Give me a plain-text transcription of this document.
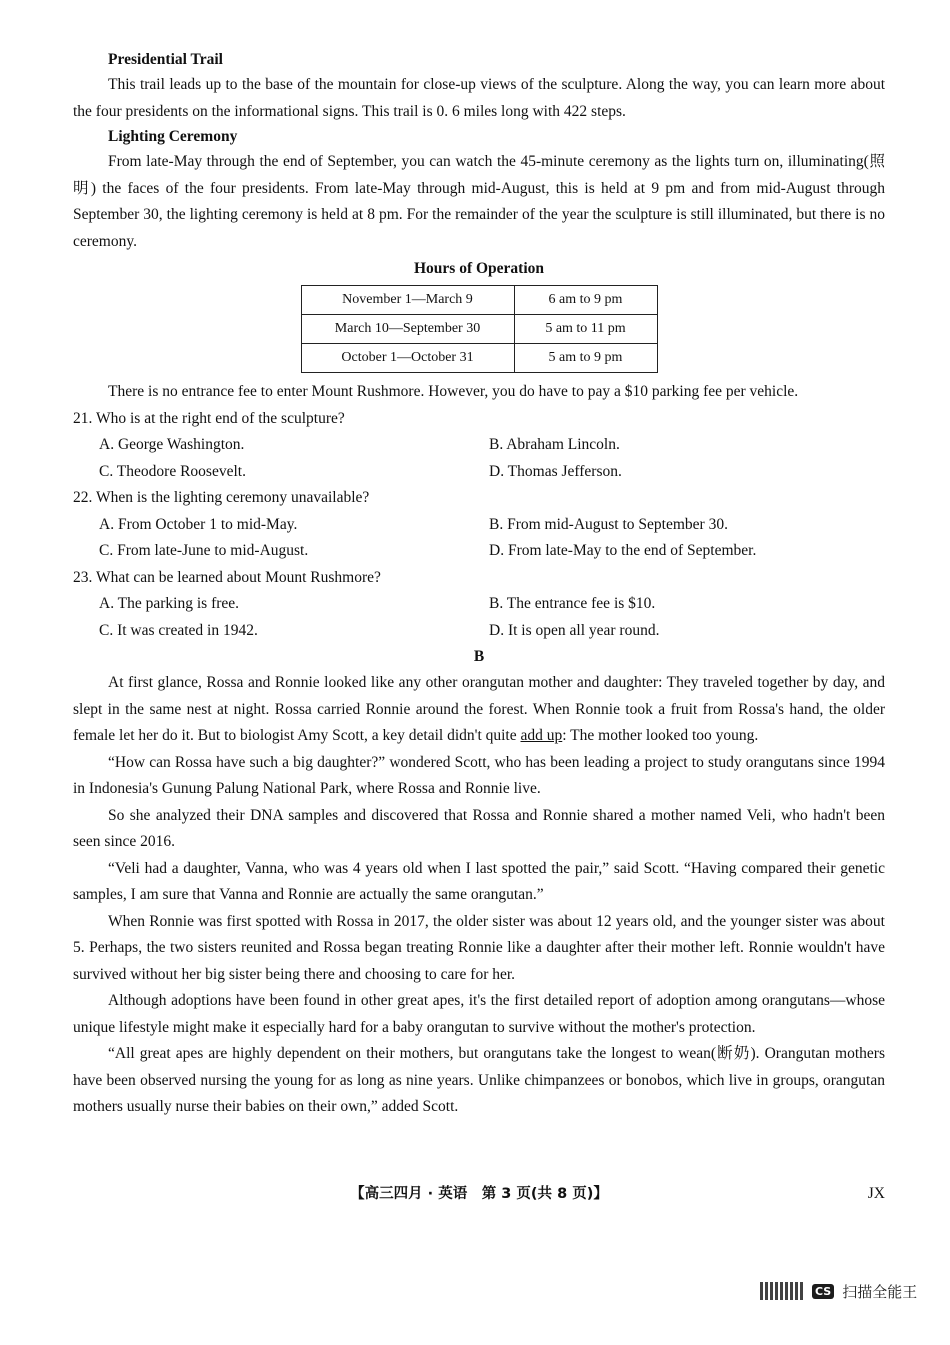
Presidential Trail

This trail leads up to the base of the mountain for close-up views of the sculpture. Along the way, you can learn more about the four presidents on the informational signs. This trail is 0. 6 miles long with 422 steps.

Lighting Ceremony

From late-May through the end of September, you can watch the 45-minute ceremony as the lights turn on, illuminating(照明) the faces of the four presidents. From late-May through mid-August, this is held at 9 pm and from mid-August through September 30, the lighting ceremony is held at 8 pm. For the remainder of the year the sculpture is still illuminated, but there is no ceremony.

Hours of Operation
November 1—March 9	6 am to 9 pm
March 10—September 30	5 am to 11 pm
October 1—October 31	5 am to 9 pm

There is no entrance fee to enter Mount Rushmore. However, you do have to pay a $10 parking fee per vehicle.

21. Who is at the right end of the sculpture?

A. George Washington.	B. Abraham Lincoln.
C. Theodore Roosevelt.	D. Thomas Jefferson.

22. When is the lighting ceremony unavailable?

A. From October 1 to mid-May.	B. From mid-August to September 30.
C. From late-June to mid-August.	D. From late-May to the end of September.

23. What can be learned about Mount Rushmore?

A. The parking is free.	B. The entrance fee is $10.
C. It was created in 1942.	D. It is open all year round.
B

At first glance, Rossa and Ronnie looked like any other orangutan mother and daughter: They traveled together by day, and slept in the same nest at night. Rossa carried Ronnie around the forest. When Ronnie took a fruit from Rossa's hand, the older female let her do it. But to biologist Amy Scott, a key detail didn't quite add up: The mother looked too young.

“How can Rossa have such a big daughter?” wondered Scott, who has been leading a project to study orangutans since 1994 in Indonesia's Gunung Palung National Park, where Rossa and Ronnie live.

So she analyzed their DNA samples and discovered that Rossa and Ronnie shared a mother named Veli, who hadn't been seen since 2016.

“Veli had a daughter, Vanna, who was 4 years old when I last spotted the pair,” said Scott. “Having compared their genetic samples, I am sure that Vanna and Ronnie are actually the same orangutan.”

When Ronnie was first spotted with Rossa in 2017, the older sister was about 12 years old, and the younger sister was about 5. Perhaps, the two sisters reunited and Rossa began treating Ronnie like a daughter after their mother left. Ronnie wouldn't have survived without her big sister being there and choosing to care for her.

Although adoptions have been found in other great apes, it's the first detailed report of adoption among orangutans—whose unique lifestyle might make it especially hard for a baby orangutan to survive without the mother's protection.

“All great apes are highly dependent on their mothers, but orangutans take the longest to wean(断奶). Orangutan mothers have been observed nursing the young for as long as nine years. Unlike chimpanzees or bonobos, which live in groups, orangutan mothers usually nurse their babies on their own,” added Scott.

【高三四月 · 英语　第 3 页(共 8 页)】	JX
CS 扫描全能王
